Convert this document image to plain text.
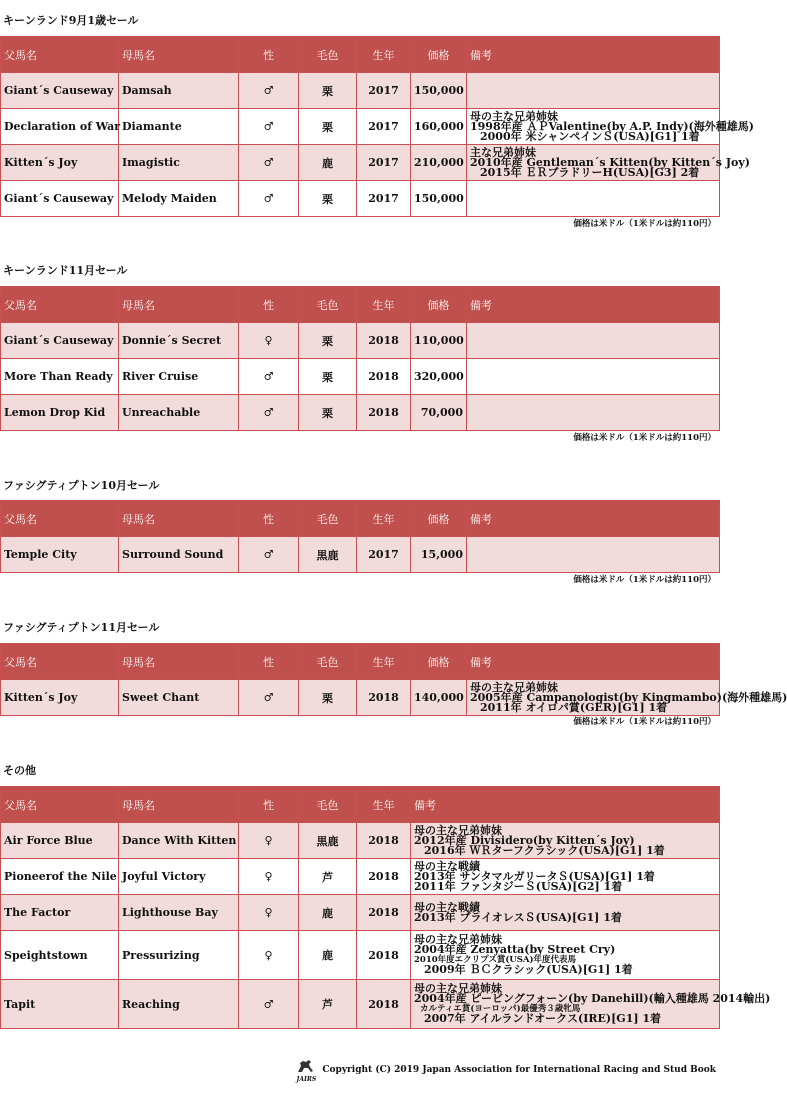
キーンランド9月1歳セール
父馬名	母馬名	性	毛色	生年	価格	備考
Giant´s Causeway	Damsah	♂	栗	2017	150,000	
Declaration of War	Diamante	♂	栗	2017	160,000	母の主な兄弟姉妹
1998年産 ＡＰValentine(by A.P. Indy)(海外種雄馬)
2000年 米シャンペインＳ(USA)[G1] 1着

Kitten´s Joy	Imagistic	♂	鹿	2017	210,000	主な兄弟姉妹
2010年産 Gentleman´s Kitten(by Kitten´s Joy)
2015年 ＥＲブラドリーH(USA)[G3] 2着

Giant´s Causeway	Melody Maiden	♂	栗	2017	150,000	
価格は米ドル（1米ドルは約110円）
キーンランド11月セール
父馬名	母馬名	性	毛色	生年	価格	備考
Giant´s Causeway	Donnie´s Secret	♀	栗	2018	110,000	
More Than Ready	River Cruise	♂	栗	2018	320,000	
Lemon Drop Kid	Unreachable	♂	栗	2018	70,000	
価格は米ドル（1米ドルは約110円）
ファシグティプトン10月セール
父馬名	母馬名	性	毛色	生年	価格	備考
Temple City	Surround Sound	♂	黒鹿	2017	15,000	
価格は米ドル（1米ドルは約110円）
ファシグティプトン11月セール
父馬名	母馬名	性	毛色	生年	価格	備考
Kitten´s Joy	Sweet Chant	♂	栗	2018	140,000	母の主な兄弟姉妹
2005年産 Campanologist(by Kingmambo)(海外種雄馬)
2011年 オイロパ賞(GER)[G1] 1着
価格は米ドル（1米ドルは約110円）
その他
父馬名	母馬名	性	毛色	生年	備考
Air Force Blue	Dance With Kitten	♀	黒鹿	2018	母の主な兄弟姉妹
2012年産 Divisidero(by Kitten´s Joy)
2016年 ＷＲターフクラシック(USA)[G1] 1着

Pioneerof the Nile	Joyful Victory	♀	芦	2018	母の主な戦績
2013年 サンタマルガリータＳ(USA)[G1] 1着
2011年 ファンタジーＳ(USA)[G2] 1着

The Factor	Lighthouse Bay	♀	鹿	2018	母の主な戦績
2013年 プライオレスＳ(USA)[G1] 1着

Speightstown	Pressurizing	♀	鹿	2018	母の主な兄弟姉妹
2004年産 Zenyatta(by Street Cry)
2010年度エクリプス賞(USA)年度代表馬
2009年 ＢＣクラシック(USA)[G1] 1着

Tapit	Reaching	♂	芦	2018	母の主な兄弟姉妹
2004年産 ピービングフォーン(by Danehill)(輸入種雄馬 2014輸出)
カルティエ賞(ヨーロッパ)最優秀３歳牝馬
2007年 アイルランドオークス(IRE)[G1] 1着
JAIRS
Copyright (C) 2019 Japan Association for International Racing and Stud Book
